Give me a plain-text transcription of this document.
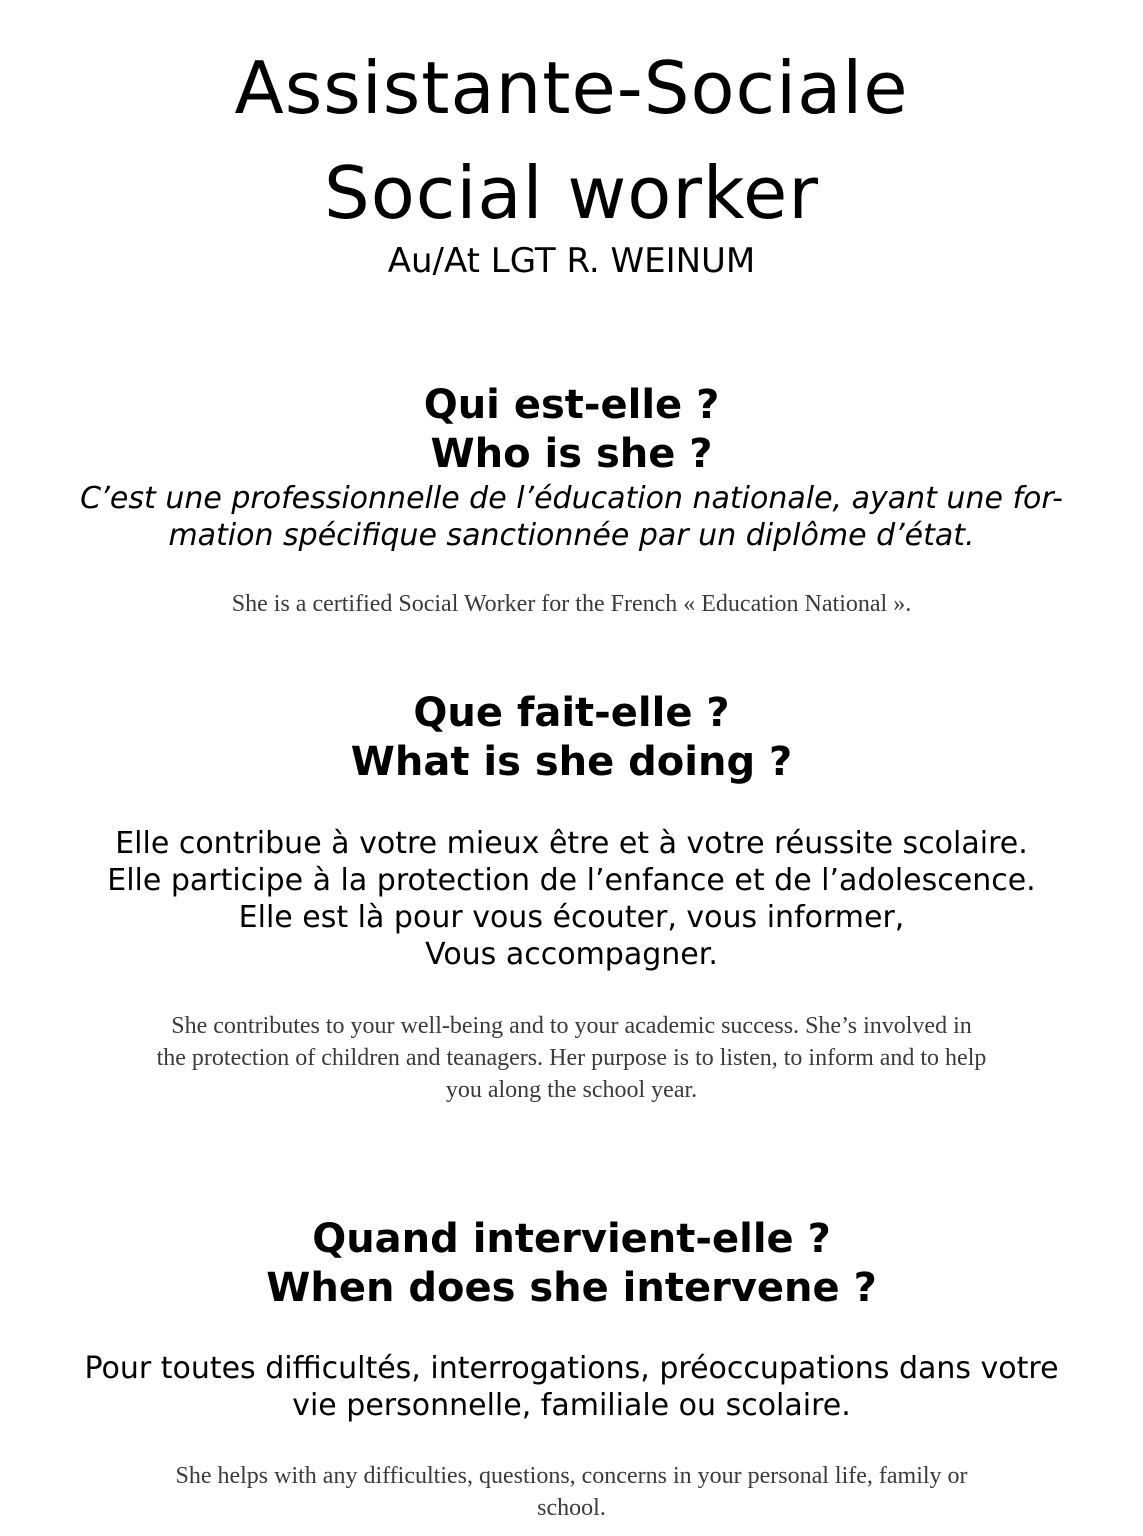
Assistante-Sociale
Social worker
Au/At LGT R. WEINUM
Qui est-elle ?
Who is she ?

C’est une professionnelle de l’éducation nationale, ayant une for-
mation spécifique sanctionnée par un diplôme d’état.

She is a certified Social Worker for the French « Education National ».

Que fait-elle ?
What is she doing ?

Elle contribue à votre mieux être et à votre réussite scolaire.
Elle participe à la protection de l’enfance et de l’adolescence.
Elle est là pour vous écouter, vous informer,
Vous accompagner.

She contributes to your well-being and to your academic success. She’s involved in
the protection of children and teanagers. Her purpose is to listen, to inform and to help
you along the school year.

Quand intervient-elle ?
When does she intervene ?

Pour toutes difficultés, interrogations, préoccupations dans votre
vie personnelle, familiale ou scolaire.

She helps with any difficulties, questions, concerns in your personal life, family or
school.
